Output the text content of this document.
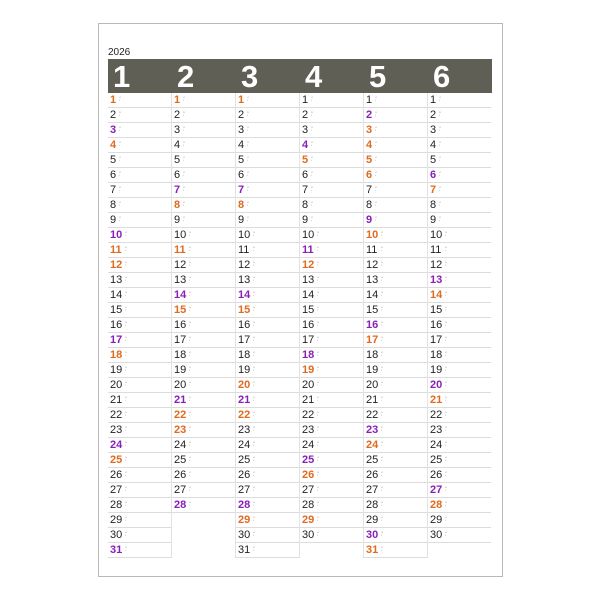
2026
1 2 3 4 5 6
1 ••
•
2 ••
•
3 ••
•
4 ••
•
5 ••
•
6 ••
•
7 ••
•
8 ••
•
9 ••
•
10 ••
•
11 ••
•
12 ••
•
13 ••
•
14 ••
•
15 ••
•
16 ••
•
17 ••
•
18 ••
•
19 ••
•
20 ••
•
21 ••
•
22 ••
•
23 ••
•
24 ••
•
25 ••
•
26 ••
•
27 ••
•
28 ••
•
29 ••
•
30 ••
•
31 ••
•
1 ••
•
2 ••
•
3 ••
•
4 ••
•
5 ••
•
6 ••
•
7 ••
•
8 ••
•
9 ••
•
10 ••
•
11 ••
•
12 ••
•
13 ••
•
14 ••
•
15 ••
•
16 ••
•
17 ••
•
18 ••
•
19 ••
•
20 ••
•
21 ••
•
22 ••
•
23 ••
•
24 ••
•
25 ••
•
26 ••
•
27 ••
•
28 ••
•
1 ••
•
2 ••
•
3 ••
•
4 ••
•
5 ••
•
6 ••
•
7 ••
•
8 ••
•
9 ••
•
10 ••
•
11 ••
•
12 ••
•
13 ••
•
14 ••
•
15 ••
•
16 ••
•
17 ••
•
18 ••
•
19 ••
•
20 ••
•
21 ••
•
22 ••
•
23 ••
•
24 ••
•
25 ••
•
26 ••
•
27 ••
•
28 ••
•
29 ••
•
30 ••
•
31 ••
•
1 ••
•
2 ••
•
3 ••
•
4 ••
•
5 ••
•
6 ••
•
7 ••
•
8 ••
•
9 ••
•
10 ••
•
11 ••
•
12 ••
•
13 ••
•
14 ••
•
15 ••
•
16 ••
•
17 ••
•
18 ••
•
19 ••
•
20 ••
•
21 ••
•
22 ••
•
23 ••
•
24 ••
•
25 ••
•
26 ••
•
27 ••
•
28 ••
•
29 ••
•
30 ••
•
1 ••
•
2 ••
•
3 ••
•
4 ••
•
5 ••
•
6 ••
•
7 ••
•
8 ••
•
9 ••
•
10 ••
•
11 ••
•
12 ••
•
13 ••
•
14 ••
•
15 ••
•
16 ••
•
17 ••
•
18 ••
•
19 ••
•
20 ••
•
21 ••
•
22 ••
•
23 ••
•
24 ••
•
25 ••
•
26 ••
•
27 ••
•
28 ••
•
29 ••
•
30 ••
•
31 ••
•
1 ••
•
2 ••
•
3 ••
•
4 ••
•
5 ••
•
6 ••
•
7 ••
•
8 ••
•
9 ••
•
10 ••
•
11 ••
•
12 ••
•
13 ••
•
14 ••
•
15 ••
•
16 ••
•
17 ••
•
18 ••
•
19 ••
•
20 ••
•
21 ••
•
22 ••
•
23 ••
•
24 ••
•
25 ••
•
26 ••
•
27 ••
•
28 ••
•
29 ••
•
30 ••
•
